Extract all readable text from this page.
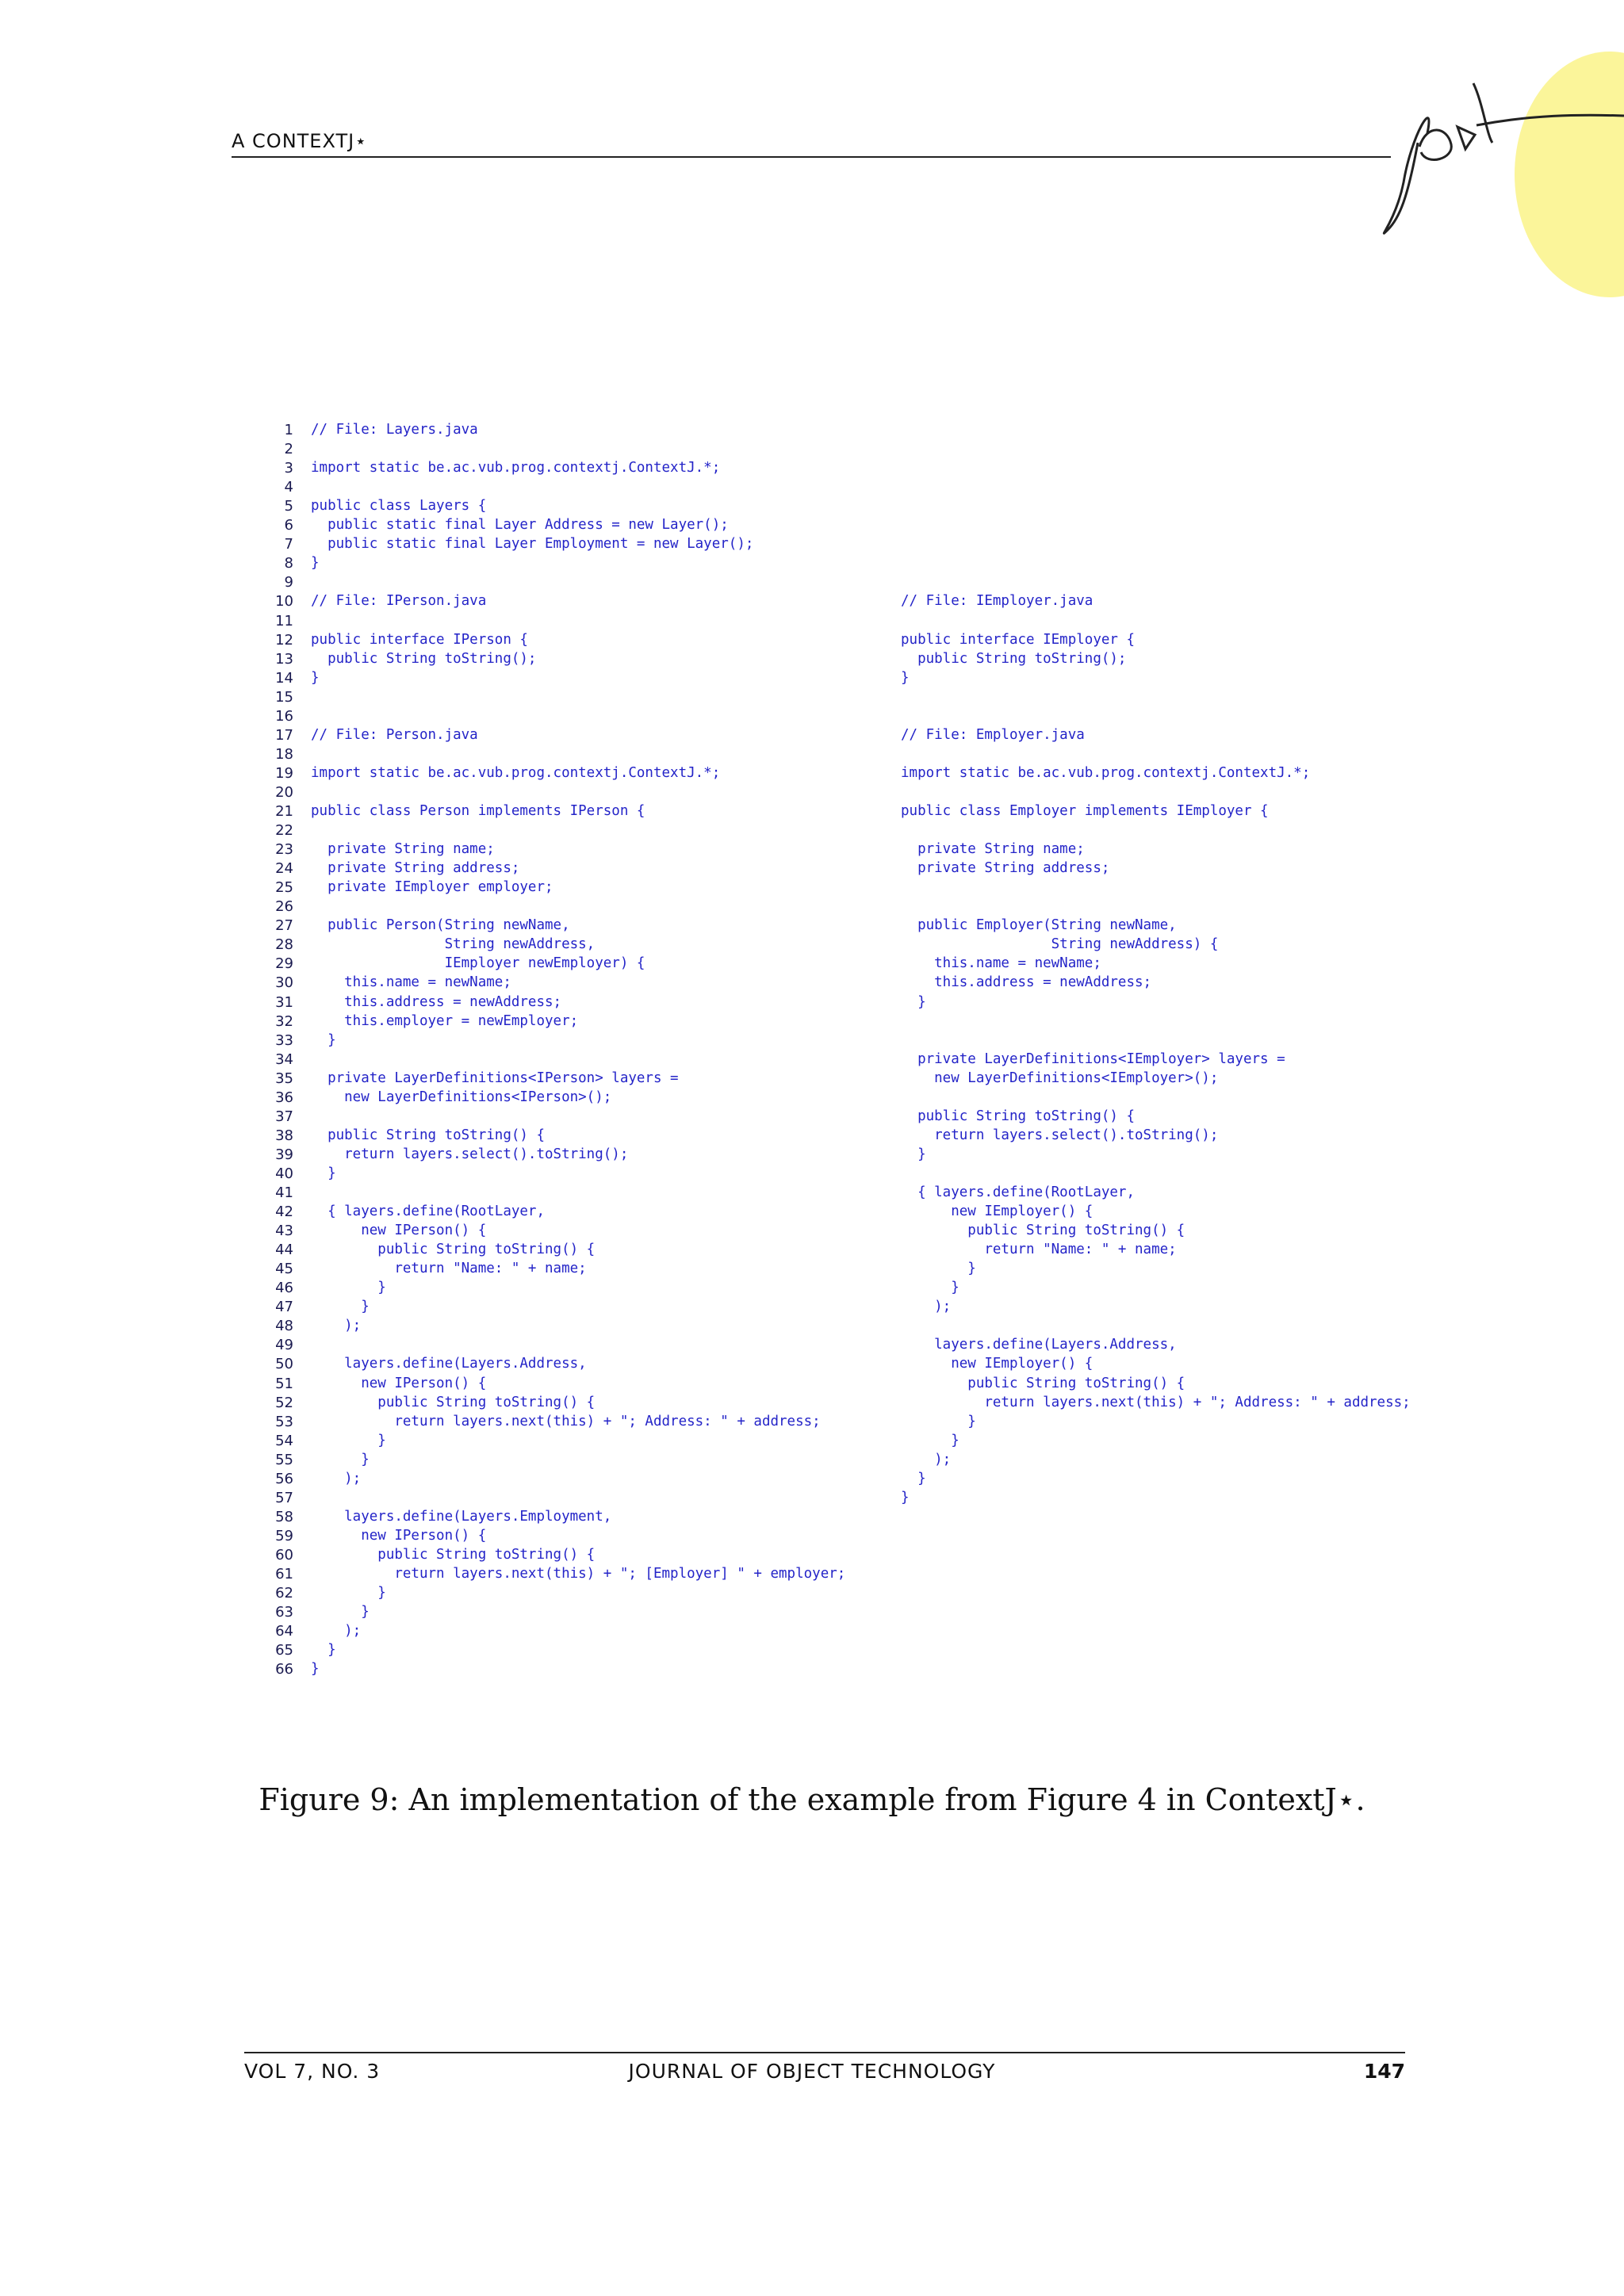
A CONTEXTJ⋆
1
2
3
4
5
6
7
8
9
10
11
12
13
14
15
16
17
18
19
20
21
22
23
24
25
26
27
28
29
30
31
32
33
34
35
36
37
38
39
40
41
42
43
44
45
46
47
48
49
50
51
52
53
54
55
56
57
58
59
60
61
62
63
64
65
66
// File: Layers.java
import static be.ac.vub.prog.contextj.ContextJ.*;
public class Layers {
public static final Layer Address = new Layer();
public static final Layer Employment = new Layer();
}
// File: IPerson.java
public interface IPerson {
public String toString();
}
// File: Person.java
import static be.ac.vub.prog.contextj.ContextJ.*;
public class Person implements IPerson {
private String name;
private String address;
private IEmployer employer;
public Person(String newName,
String newAddress,
IEmployer newEmployer) {
this.name = newName;
this.address = newAddress;
this.employer = newEmployer;
}
private LayerDefinitions<IPerson> layers =
new LayerDefinitions<IPerson>();
public String toString() {
return layers.select().toString();
}
{ layers.define(RootLayer,
new IPerson() {
public String toString() {
return "Name: " + name;
}
}
);
layers.define(Layers.Address,
new IPerson() {
public String toString() {
return layers.next(this) + "; Address: " + address;
}
}
);
layers.define(Layers.Employment,
new IPerson() {
public String toString() {
return layers.next(this) + "; [Employer] " + employer;
}
}
);
}
}
// File: IEmployer.java
public interface IEmployer {
public String toString();
}
// File: Employer.java
import static be.ac.vub.prog.contextj.ContextJ.*;
public class Employer implements IEmployer {
private String name;
private String address;
public Employer(String newName,
String newAddress) {
this.name = newName;
this.address = newAddress;
}
private LayerDefinitions<IEmployer> layers =
new LayerDefinitions<IEmployer>();
public String toString() {
return layers.select().toString();
}
{ layers.define(RootLayer,
new IEmployer() {
public String toString() {
return "Name: " + name;
}
}
);
layers.define(Layers.Address,
new IEmployer() {
public String toString() {
return layers.next(this) + "; Address: " + address;
}
}
);
}
}
Figure 9: An implementation of the example from Figure 4 in ContextJ⋆.
VOL 7, NO. 3	JOURNAL OF OBJECT TECHNOLOGY	147
